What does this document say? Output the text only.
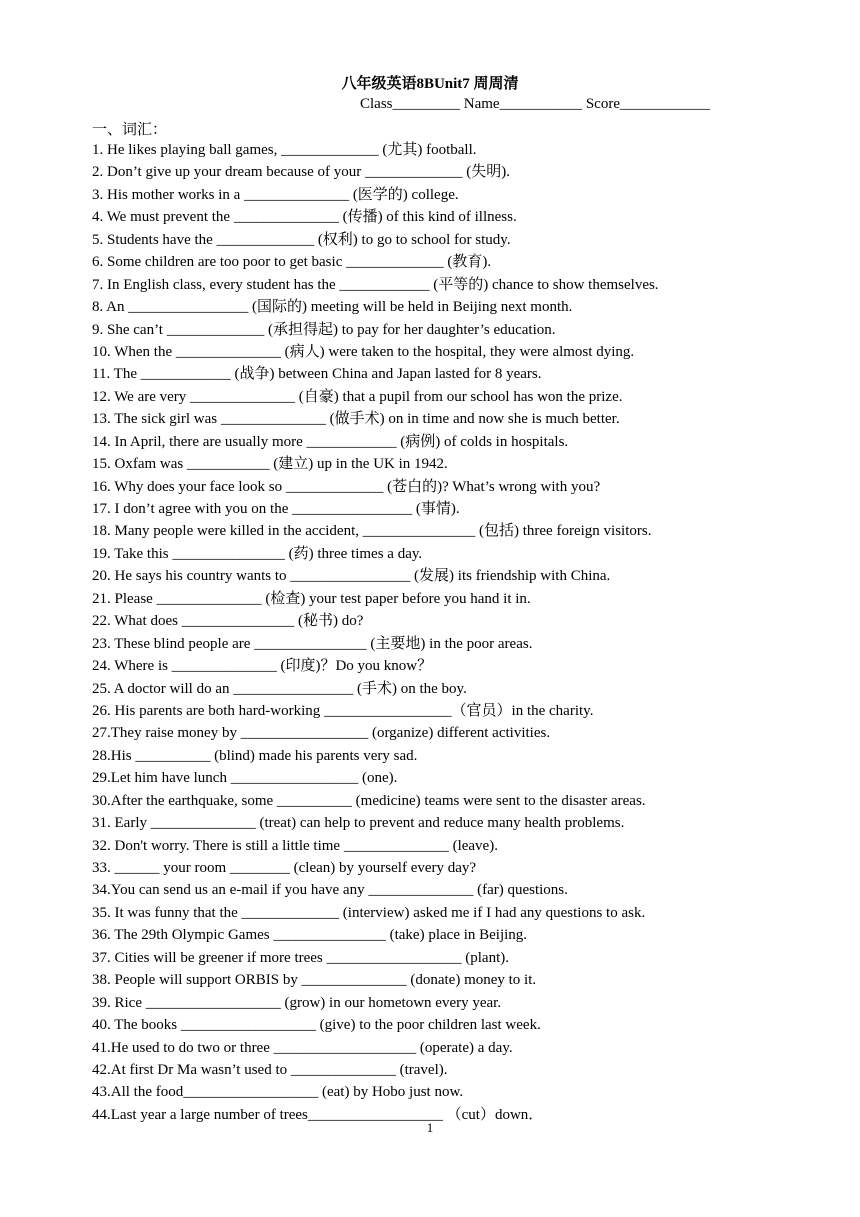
八年级英语8BUnit7 周周清
Class_________ Name___________ Score____________
一、词汇：
1. He likes playing ball games, _____________ (尤其) football.
2. Don’t give up your dream because of your _____________ (失明).
3. His mother works in a ______________ (医学的) college.
4. We must prevent the ______________ (传播) of this kind of illness.
5. Students have the _____________ (权利) to go to school for study.
6. Some children are too poor to get basic _____________ (教育).
7. In English class, every student has the ____________ (平等的) chance to show themselves.
8. An ________________ (国际的) meeting will be held in Beijing next month.
9. She can’t _____________ (承担得起) to pay for her daughter’s education.
10. When the ______________ (病人) were taken to the hospital, they were almost dying.
11. The ____________ (战争) between China and Japan lasted for 8 years.
12. We are very ______________ (自豪) that a pupil from our school has won the prize.
13. The sick girl was ______________ (做手术) on in time and now she is much better.
14. In April, there are usually more ____________ (病例) of colds in hospitals.
15. Oxfam was ___________ (建立) up in the UK in 1942.
16. Why does your face look so _____________ (苍白的)? What’s wrong with you?
17. I don’t agree with you on the ________________ (事情).
18. Many people were killed in the accident, _______________ (包括) three foreign visitors.
19. Take this _______________ (药) three times a day.
20. He says his country wants to ________________ (发展) its friendship with China.
21. Please ______________ (检查) your test paper before you hand it in.
22. What does _______________ (秘书) do?
23. These blind people are _______________ (主要地) in the poor areas.
24. Where is ______________ (印度)？Do you know？
25. A doctor will do an ________________ (手术) on the boy.
26. His parents are both hard-working _________________（官员）in the charity.
27.They raise money by _________________ (organize) different activities.
28.His __________ (blind) made his parents very sad.
29.Let him have lunch _________________ (one).
30.After the earthquake, some __________ (medicine) teams were sent to the disaster areas.
31. Early ______________ (treat) can help to prevent and reduce many health problems.
32. Don't worry. There is still a little time ______________ (leave).
33. ______ your room ________ (clean) by yourself every day?
34.You can send us an e-mail if you have any ______________ (far) questions.
35. It was funny that the _____________ (interview) asked me if I had any questions to ask.
36. The 29th Olympic Games _______________ (take) place in Beijing.
37. Cities will be greener if more trees __________________ (plant).
38. People will support ORBIS by ______________ (donate) money to it.
39. Rice __________________ (grow) in our hometown every year.
40. The books __________________ (give) to the poor children last week.
41.He used to do two or three ___________________ (operate) a day.
42.At first Dr Ma wasn’t used to ______________ (travel).
43.All the food__________________ (eat) by Hobo just now.
44.Last year a large number of trees__________________ （cut）down．
1
